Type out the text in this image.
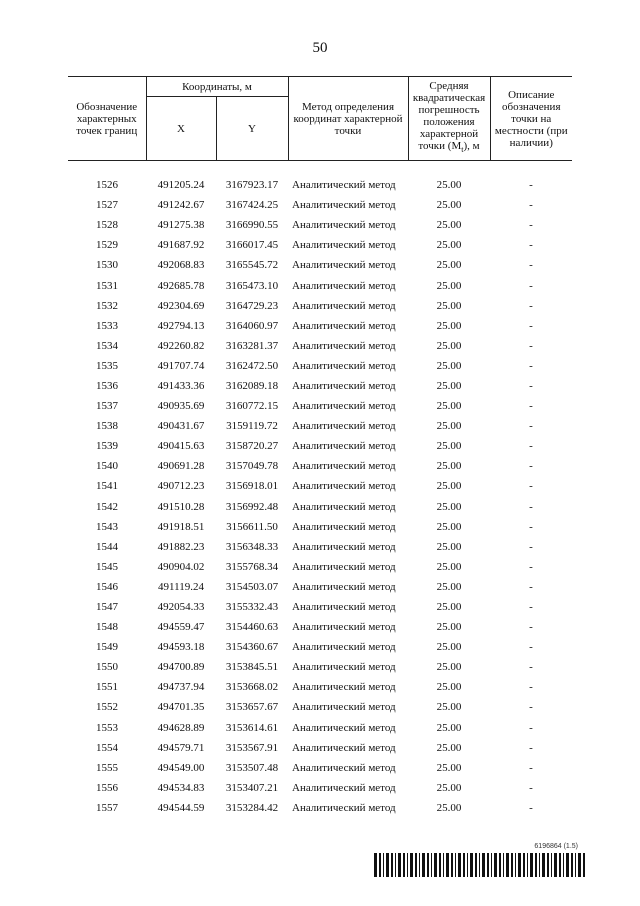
50
Обозначение характерных точек границ	Координаты, м		Метод определения координат характерной точки	Средняя квадратическая погрешность положения характерной точки $(M_t)$, м	Описание обозначения точки на местности (при наличии)
	X	Y			

1526	491205.24	3167923.17	Аналитический метод	25.00	-
1527	491242.67	3167424.25	Аналитический метод	25.00	-
1528	491275.38	3166990.55	Аналитический метод	25.00	-
1529	491687.92	3166017.45	Аналитический метод	25.00	-
1530	492068.83	3165545.72	Аналитический метод	25.00	-
1531	492685.78	3165473.10	Аналитический метод	25.00	-
1532	492304.69	3164729.23	Аналитический метод	25.00	-
1533	492794.13	3164060.97	Аналитический метод	25.00	-
1534	492260.82	3163281.37	Аналитический метод	25.00	-
1535	491707.74	3162472.50	Аналитический метод	25.00	-
1536	491433.36	3162089.18	Аналитический метод	25.00	-
1537	490935.69	3160772.15	Аналитический метод	25.00	-
1538	490431.67	3159119.72	Аналитический метод	25.00	-
1539	490415.63	3158720.27	Аналитический метод	25.00	-
1540	490691.28	3157049.78	Аналитический метод	25.00	-
1541	490712.23	3156918.01	Аналитический метод	25.00	-
1542	491510.28	3156992.48	Аналитический метод	25.00	-
1543	491918.51	3156611.50	Аналитический метод	25.00	-
1544	491882.23	3156348.33	Аналитический метод	25.00	-
1545	490904.02	3155768.34	Аналитический метод	25.00	-
1546	491119.24	3154503.07	Аналитический метод	25.00	-
1547	492054.33	3155332.43	Аналитический метод	25.00	-
1548	494559.47	3154460.63	Аналитический метод	25.00	-
1549	494593.18	3154360.67	Аналитический метод	25.00	-
1550	494700.89	3153845.51	Аналитический метод	25.00	-
1551	494737.94	3153668.02	Аналитический метод	25.00	-
1552	494701.35	3153657.67	Аналитический метод	25.00	-
1553	494628.89	3153614.61	Аналитический метод	25.00	-
1554	494579.71	3153567.91	Аналитический метод	25.00	-
1555	494549.00	3153507.48	Аналитический метод	25.00	-
1556	494534.83	3153407.21	Аналитический метод	25.00	-
1557	494544.59	3153284.42	Аналитический метод	25.00	-
6196864 (1.5)
